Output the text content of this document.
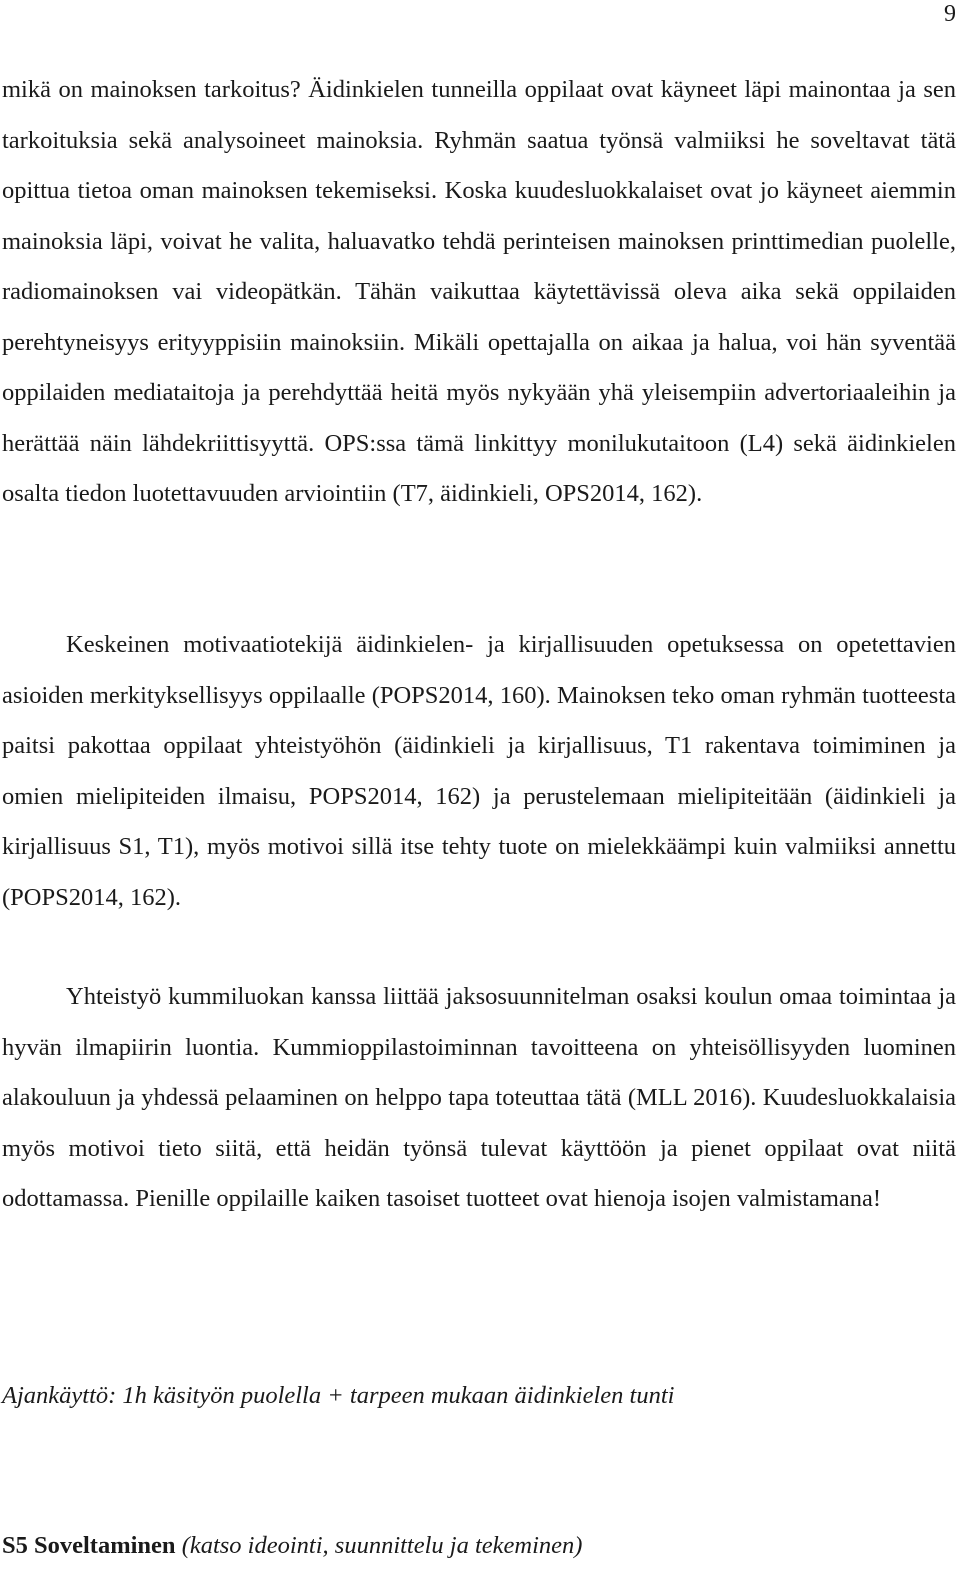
9

mikä on mainoksen tarkoitus? Äidinkielen tunneilla oppilaat ovat käyneet läpi mainontaa ja sen tarkoituksia sekä analysoineet mainoksia. Ryhmän saatua työnsä valmiiksi he soveltavat tätä opittua tietoa oman mainoksen tekemiseksi. Koska kuudesluokkalaiset ovat jo käyneet aiemmin mainoksia läpi, voivat he valita, haluavatko tehdä perinteisen mainoksen printtimedian puolelle, radiomainoksen vai videopätkän. Tähän vaikuttaa käytettävissä oleva aika sekä oppilaiden perehtyneisyys erityyppisiin mainoksiin. Mikäli opettajalla on aikaa ja halua, voi hän syventää oppilaiden mediataitoja ja perehdyttää heitä myös nykyään yhä yleisempiin advertoriaaleihin ja herättää näin lähdekriittisyyttä. OPS:ssa tämä linkittyy monilukutaitoon (L4) sekä äidinkielen osalta tiedon luotettavuuden arviointiin (T7, äidinkieli, OPS2014, 162).

Keskeinen motivaatiotekijä äidinkielen- ja kirjallisuuden opetuksessa on opetettavien asioiden merkityksellisyys oppilaalle (POPS2014, 160). Mainoksen teko oman ryhmän tuotteesta paitsi pakottaa oppilaat yhteistyöhön (äidinkieli ja kirjallisuus, T1 rakentava toimiminen ja omien mielipiteiden ilmaisu, POPS2014, 162) ja perustelemaan mielipiteitään (äidinkieli ja kirjallisuus S1, T1), myös motivoi sillä itse tehty tuote on mielekkäämpi kuin valmiiksi annettu (POPS2014, 162).

Yhteistyö kummiluokan kanssa liittää jaksosuunnitelman osaksi koulun omaa toimintaa ja hyvän ilmapiirin luontia. Kummioppilastoiminnan tavoitteena on yhteisöllisyyden luominen alakouluun ja yhdessä pelaaminen on helppo tapa toteuttaa tätä (MLL 2016). Kuudesluokkalaisia myös motivoi tieto siitä, että heidän työnsä tulevat käyttöön ja pienet oppilaat ovat niitä odottamassa. Pienille oppilaille kaiken tasoiset tuotteet ovat hienoja isojen valmistamana!

Ajankäyttö: 1h käsityön puolella + tarpeen mukaan äidinkielen tunti
S5 Soveltaminen (katso ideointi, suunnittelu ja tekeminen)
